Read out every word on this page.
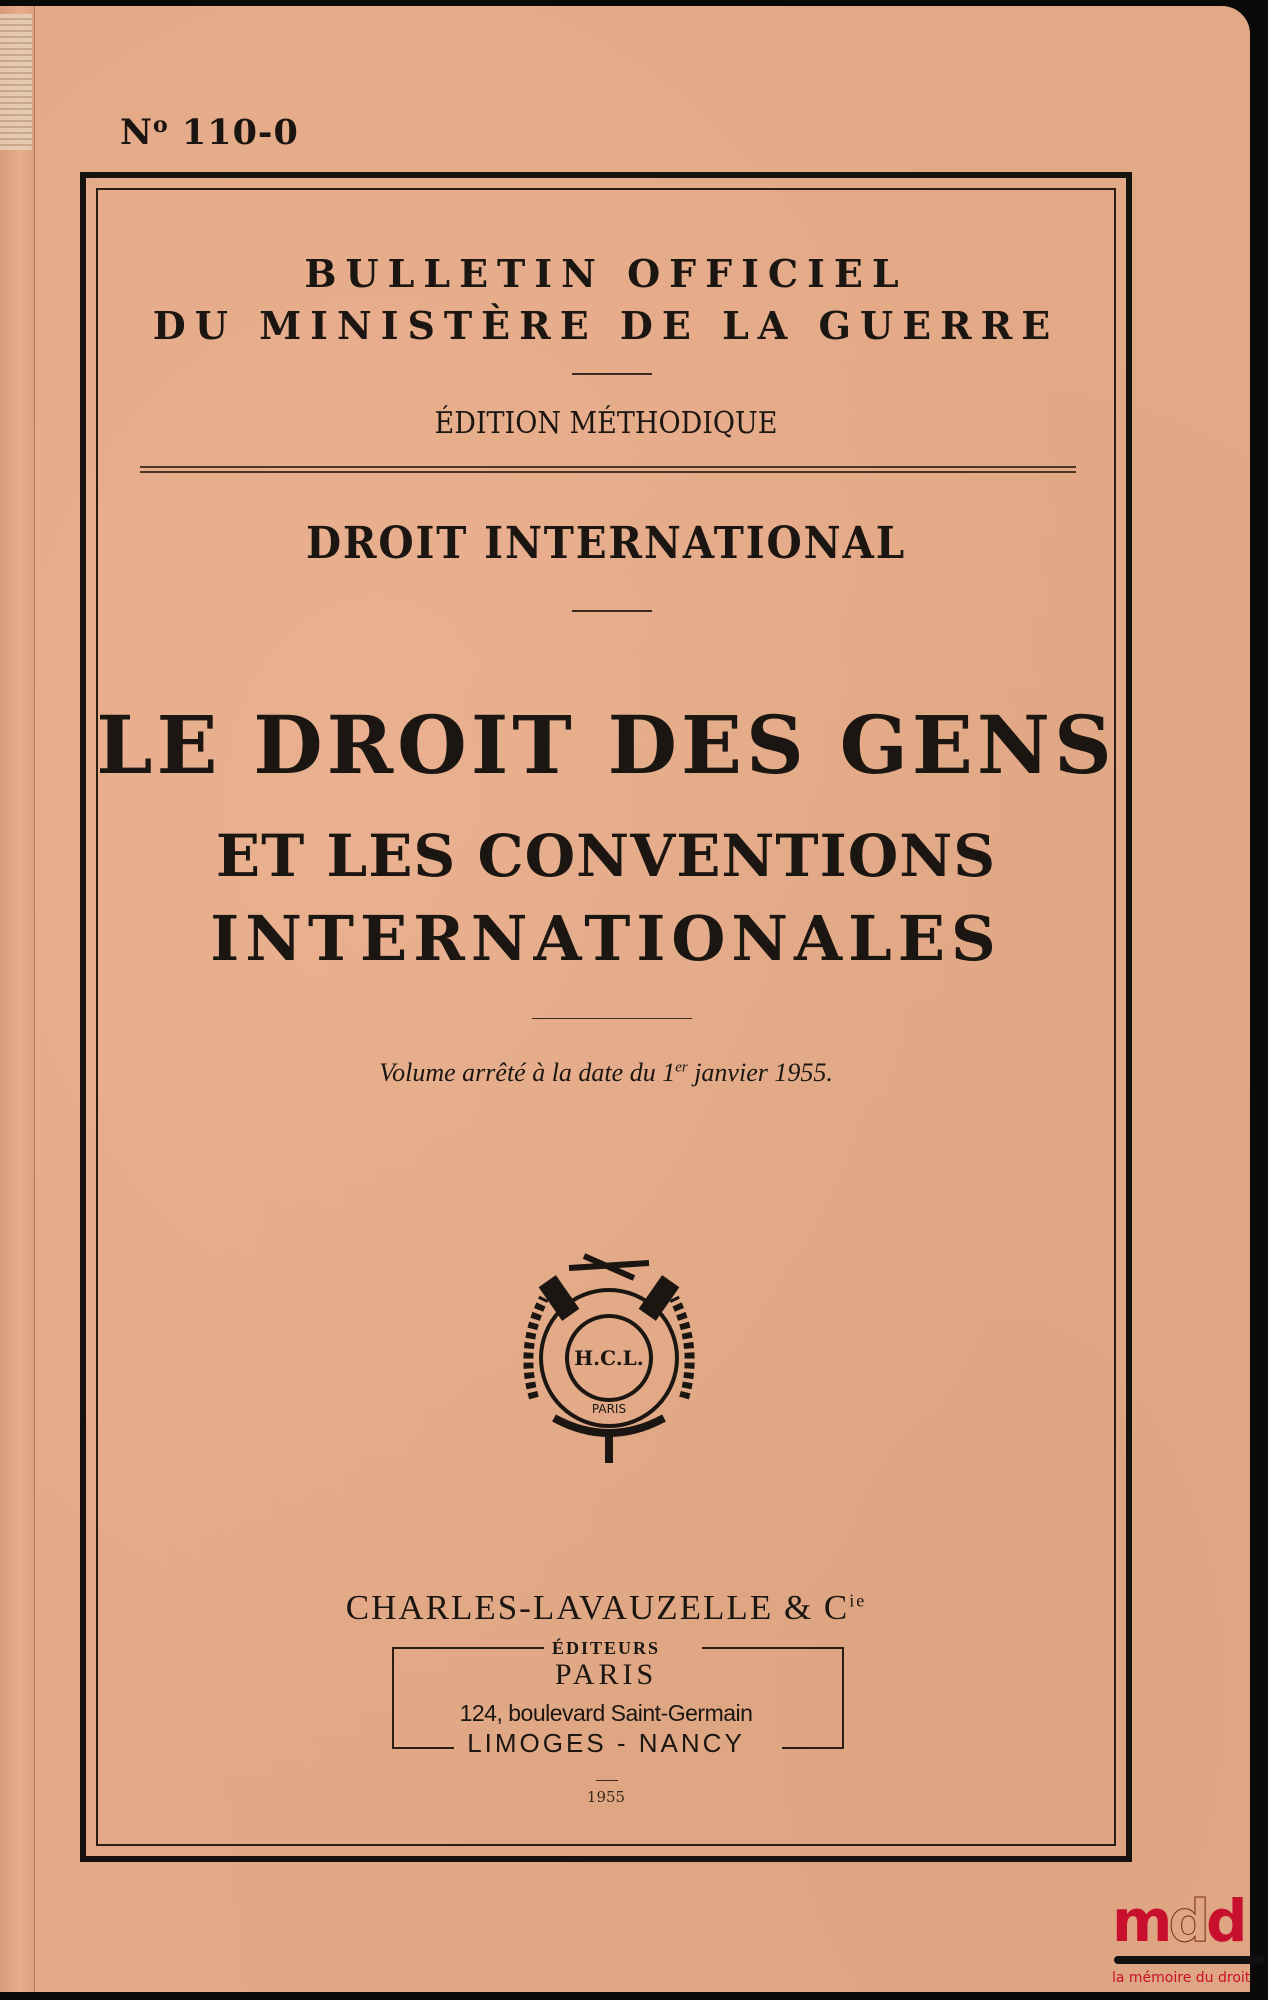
$N^o$ 110-0
BULLETIN OFFICIEL
DU MINISTÈRE DE LA GUERRE
ÉDITION MÉTHODIQUE
DROIT INTERNATIONAL
LE DROIT DES GENS
ET LES CONVENTIONS
INTERNATIONALES
Volume arrêté à la date du 1er janvier 1955.
H.C.L.
PARIS
CHARLES-LAVAUZELLE & $C^{ie}$
ÉDITEURS
PARIS
124, boulevard Saint-Germain
LIMOGES - NANCY
1955
mdd
la mémoire du droit
